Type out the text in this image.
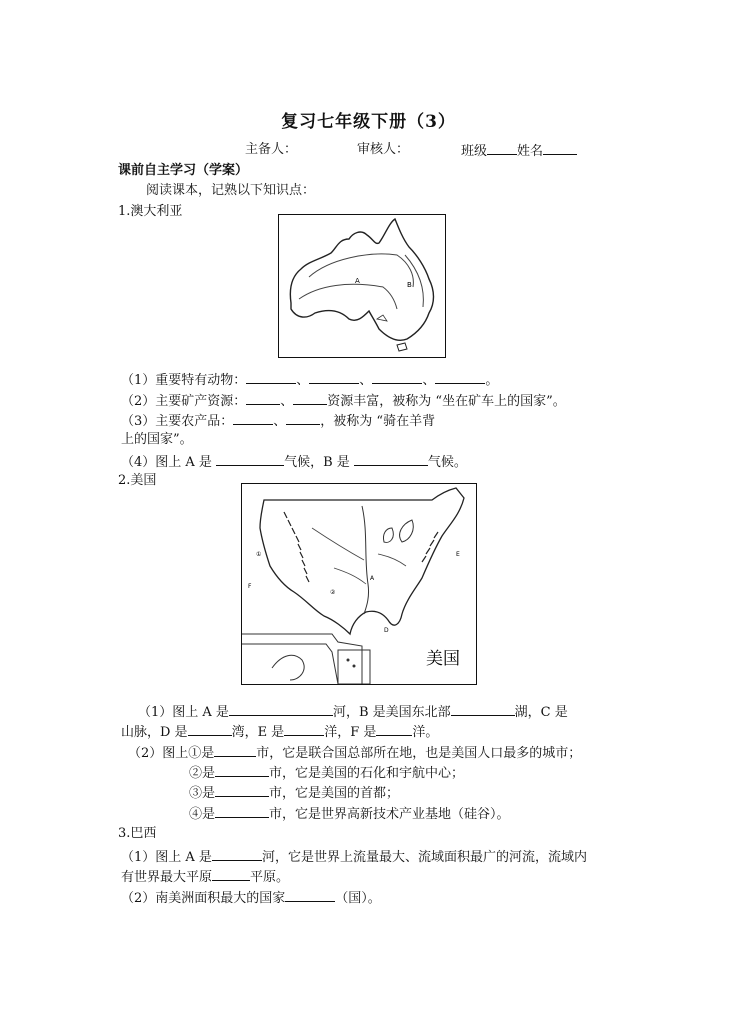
复习七年级下册（3）
主备人：	审核人：	班级 姓名
课前自主学习（学案）
阅读课本，记熟以下知识点：
1.澳大利亚
A	B
（1）重要特有动物：	、	、	、	。
（2）主要矿产资源：	、	资源丰富，被称为 “坐在矿车上的国家”。
（3）主要农产品：	、	，被称为 “骑在羊背
上的国家”。
（4）图上 A 是	气候，B 是	气候。
2.美国
美国
A
D
E
F
①
②
（1）图上 A 是	河，B 是美国东北部	湖，C 是
山脉，D 是	湾，E 是	洋，F 是	洋。
（2）图上①是	市，它是联合国总部所在地，也是美国人口最多的城市；
②是	市，它是美国的石化和宇航中心；
③是	市，它是美国的首都；
④是	市，它是世界高新技术产业基地（硅谷）。
3.巴西
（1）图上 A 是	河，它是世界上流量最大、流域面积最广的河流，流域内
有世界最大平原	平原。
（2）南美洲面积最大的国家	（国）。
